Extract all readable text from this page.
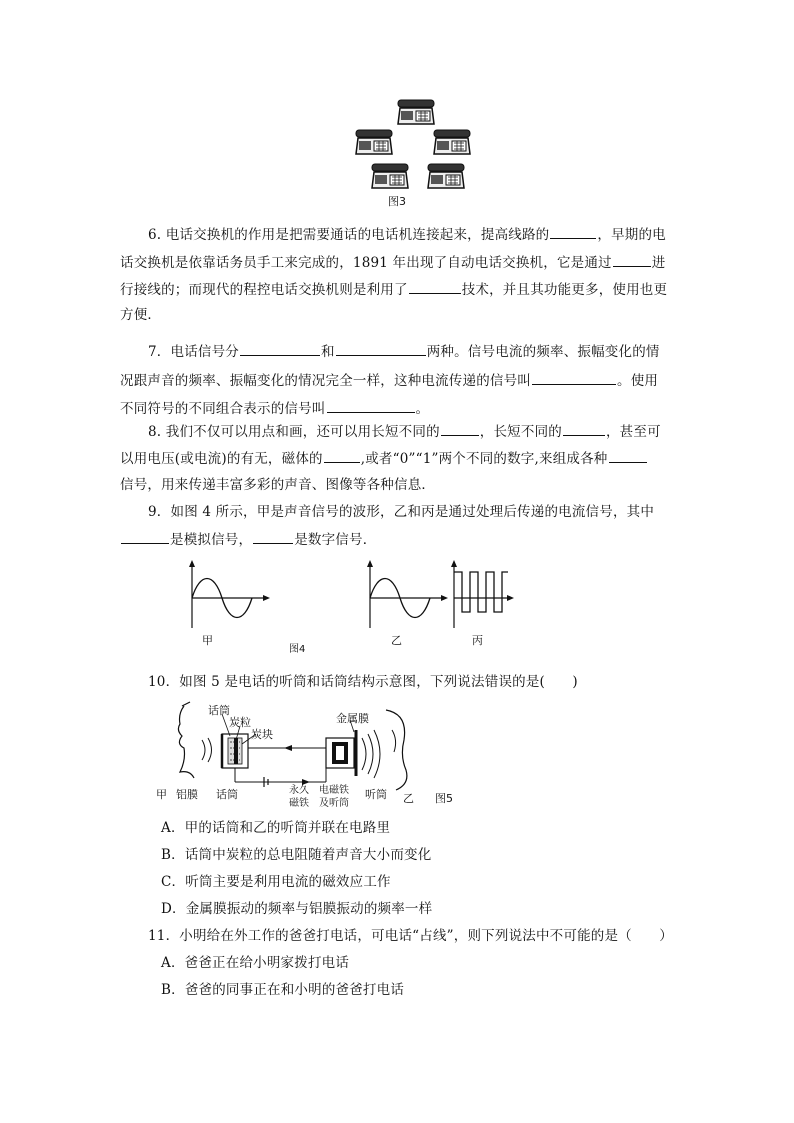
图3
6. 电话交换机的作用是把需要通话的电话机连接起来，提高线路的	，早期的电
话交换机是依靠话务员手工来完成的，1891 年出现了自动电话交换机，它是通过	进
行接线的；而现代的程控电话交换机则是利用了	技术，并且其功能更多，使用也更
方便．
7．电话信号分	和	两种。信号电流的频率、振幅变化的情
况跟声音的频率、振幅变化的情况完全一样，这种电流传递的信号叫	。使用
不同符号的不同组合表示的信号叫	。
8. 我们不仅可以用点和画，还可以用长短不同的	，长短不同的	，甚至可
以用电压(或电流)的有无，磁体的	,或者“0”“1”两个不同的数字,来组成各种
信号，用来传递丰富多彩的声音、图像等各种信息．
9．如图 4 所示，甲是声音信号的波形，乙和丙是通过处理后传递的电流信号，其中
是模拟信号，	是数字信号．
甲
图4
乙	丙
10．如图 5 是电话的听筒和话筒结构示意图，下列说法错误的是(　　)
话筒
炭粒
炭块
金属膜
甲 铝膜 话筒	永久
磁铁
电磁铁
及听筒
听筒 乙 图5
A．甲的话筒和乙的听筒并联在电路里
B．话筒中炭粒的总电阻随着声音大小而变化
C．听筒主要是利用电流的磁效应工作
D．金属膜振动的频率与铝膜振动的频率一样
11．小明给在外工作的爸爸打电话，可电话“占线”，则下列说法中不可能的是（　　）
A．爸爸正在给小明家拨打电话
B．爸爸的同事正在和小明的爸爸打电话
